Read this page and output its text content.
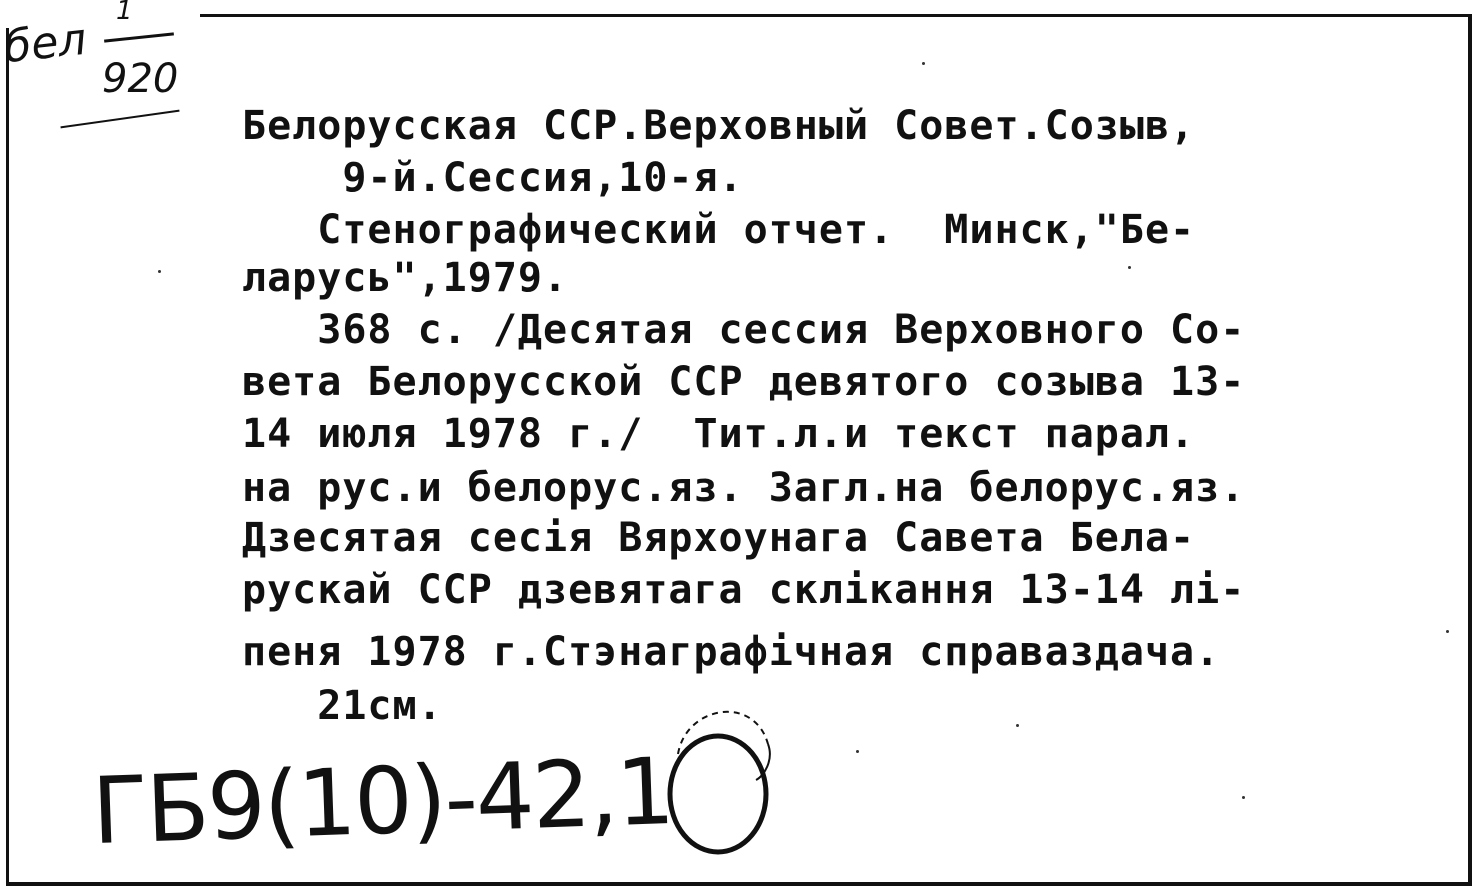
бел
1
920
Белорусская ССР.Верховный Совет.Созыв,
9-й.Сессия,10-я.
Стенографический отчет.  Минск,"Бе-
ларусь",1979.
368 с. /Десятая сессия Верховного Со-
вета Белорусской ССР девятого созыва 13-
14 июля 1978 г./  Тит.л.и текст парал.
на рус.и белорус.яз. Загл.на белорус.яз.
Дзесятая сесія Вярхоунага Савета Бела-
рускай ССР дзевятага склікання 13-14 лі-
пеня 1978 г.Стэнаграфічная справаздача.
21см.
ГБ9(10)-42,1
